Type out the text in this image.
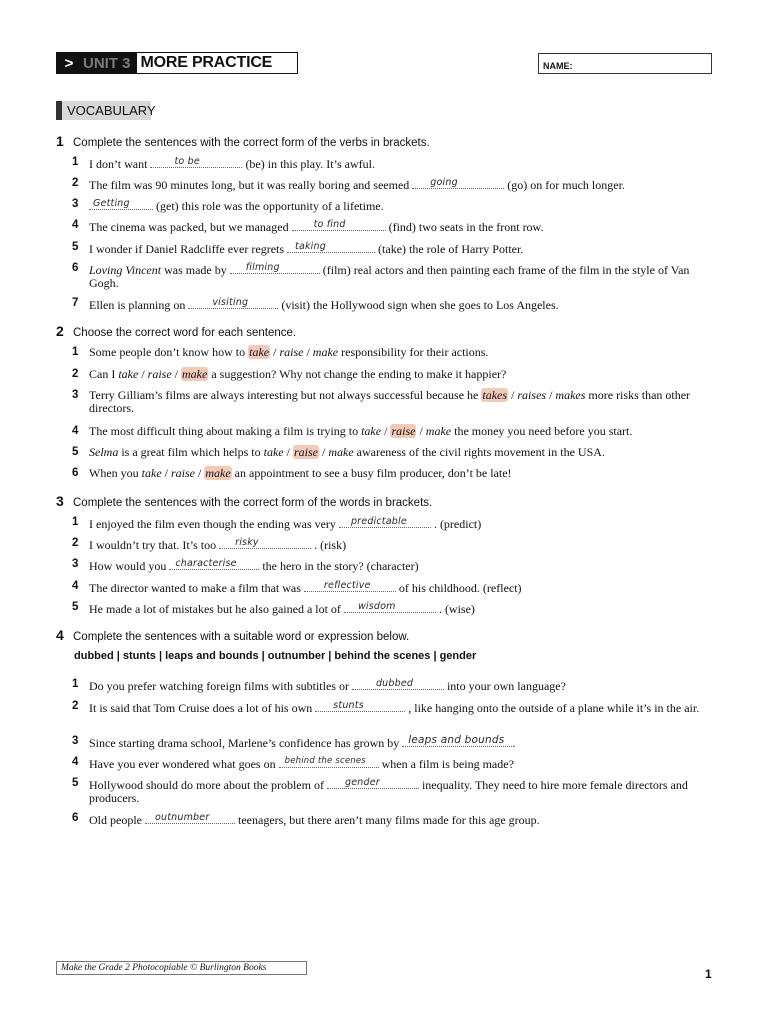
> UNIT 3 MORE PRACTICE	NAME:
VOCABULARY
1 Complete the sentences with the correct form of the verbs in brackets.
1 I don’t want	to be	(be) in this play. It’s awful.
2 The film was 90 minutes long, but it was really boring and seemed going	(go) on for much longer.
3 Getting (get) this role was the opportunity of a lifetime.
4 The cinema was packed, but we managed to find	(find) two seats in the front row.
5 I wonder if Daniel Radcliffe ever regrets taking	(take) the role of Harry Potter.
6 Loving Vincent was made by filming	(film) real actors and then painting each frame of the film in the style of Van Gogh.
7 Ellen is planning on	visiting	(visit) the Hollywood sign when she goes to Los Angeles.
2 Choose the correct word for each sentence.
1 Some people don’t know how to take / raise / make responsibility for their actions.
2 Can I take / raise / make a suggestion? Why not change the ending to make it happier?
3 Terry Gilliam’s films are always interesting but not always successful because he takes / raises / makes more risks than other directors.
4 The most difficult thing about making a film is trying to take / raise / make the money you need before you start.
5 Selma is a great film which helps to take / raise / make awareness of the civil rights movement in the USA.
6 When you take / raise / make an appointment to see a busy film producer, don’t be late!
3 Complete the sentences with the correct form of the words in brackets.
1 I enjoyed the film even though the ending was very predictable . (predict)
2 I wouldn’t try that. It’s too risky	. (risk)
3 How would you characterise the hero in the story? (character)
4 The director wanted to make a film that was reflective of his childhood. (reflect)
5 He made a lot of mistakes but he also gained a lot of wisdom	. (wise)
4 Complete the sentences with a suitable word or expression below.
dubbed | stunts | leaps and bounds | outnumber | behind the scenes | gender
1 Do you prefer watching foreign films with subtitles or	dubbed	into your own language?
2 It is said that Tom Cruise does a lot of his own stunts	, like hanging onto the outside of a plane while it’s in the air.
3 Since starting drama school, Marlene’s confidence has grown by leaps and bounds .
4 Have you ever wondered what goes on behind the scenes when a film is being made?
5 Hollywood should do more about the problem of gender	inequality. They need to hire more female directors and producers.
6 Old people outnumber teenagers, but there aren’t many films made for this age group.
Make the Grade 2 Photocopiable © Burlington Books	1
